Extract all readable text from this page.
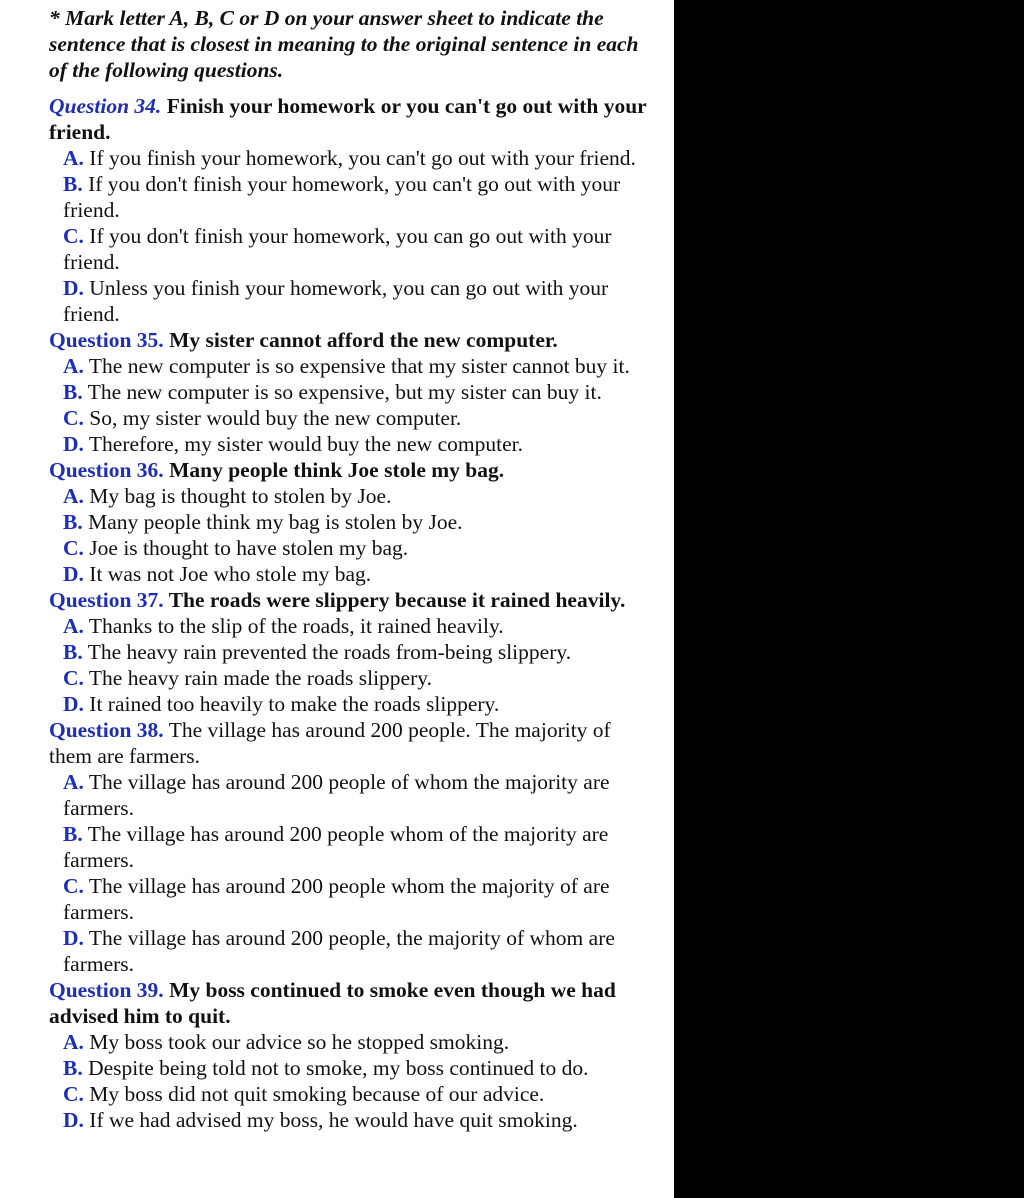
* Mark letter A, B, C or D on your answer sheet to indicate the sentence that is closest in meaning to the original sentence in each of the following questions.

Question 34. Finish your homework or you can't go out with your friend.

A. If you finish your homework, you can't go out with your friend.

B. If you don't finish your homework, you can't go out with your friend.

C. If you don't finish your homework, you can go out with your friend.

D. Unless you finish your homework, you can go out with your friend.

Question 35. My sister cannot afford the new computer.

A. The new computer is so expensive that my sister cannot buy it.

B. The new computer is so expensive, but my sister can buy it.

C. So, my sister would buy the new computer.

D. Therefore, my sister would buy the new computer.

Question 36. Many people think Joe stole my bag.

A. My bag is thought to stolen by Joe.

B. Many people think my bag is stolen by Joe.

C. Joe is thought to have stolen my bag.

D. It was not Joe who stole my bag.

Question 37. The roads were slippery because it rained heavily.

A. Thanks to the slip of the roads, it rained heavily.

B. The heavy rain prevented the roads from-being slippery.

C. The heavy rain made the roads slippery.

D. It rained too heavily to make the roads slippery.

Question 38. The village has around 200 people. The majority of them are farmers.

A. The village has around 200 people of whom the majority are farmers.

B. The village has around 200 people whom of the majority are farmers.

C. The village has around 200 people whom the majority of are farmers.

D. The village has around 200 people, the majority of whom are farmers.

Question 39. My boss continued to smoke even though we had advised him to quit.

A. My boss took our advice so he stopped smoking.

B. Despite being told not to smoke, my boss continued to do.

C. My boss did not quit smoking because of our advice.

D. If we had advised my boss, he would have quit smoking.
